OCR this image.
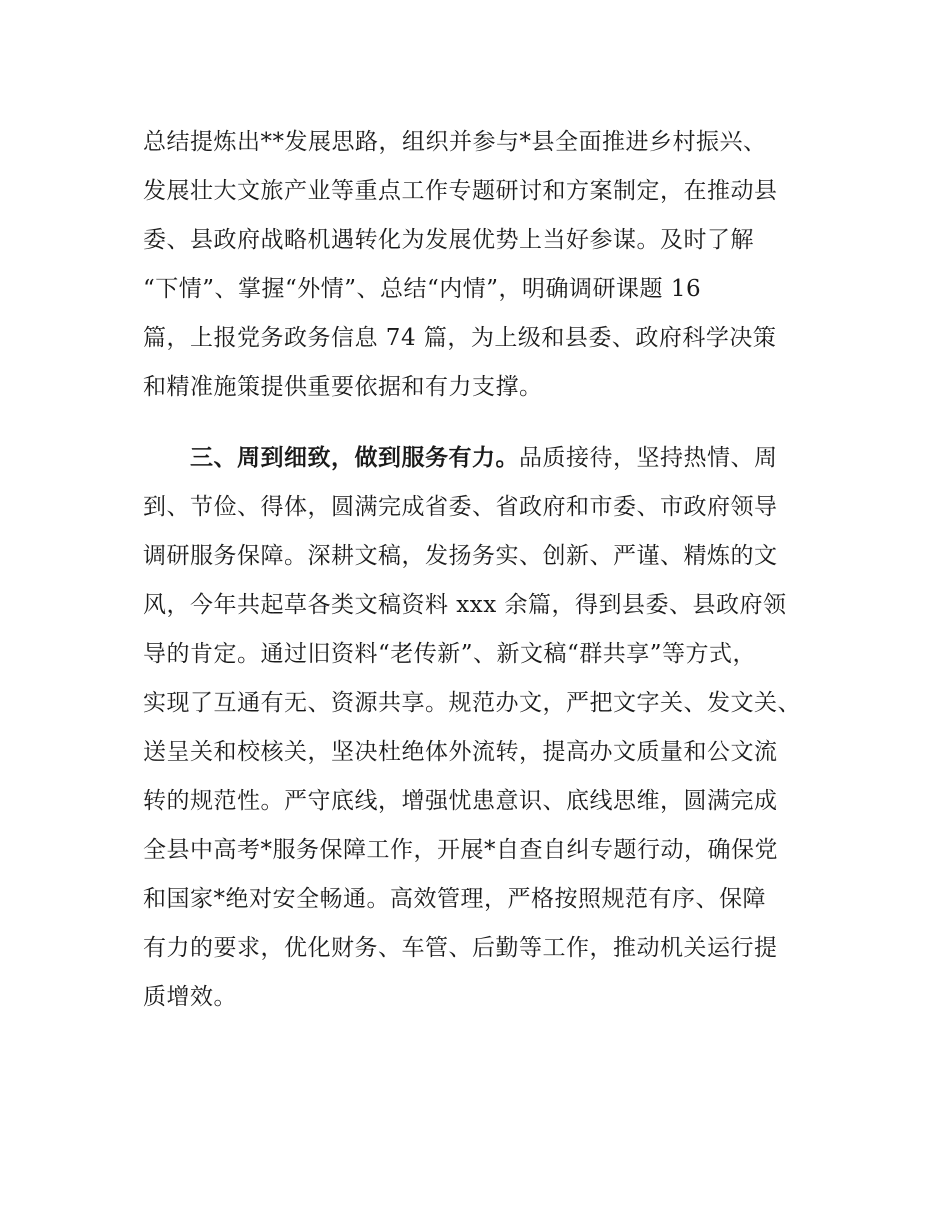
总结提炼出**发展思路，组织并参与*县全面推进乡村振兴、
发展壮大文旅产业等重点工作专题研讨和方案制定，在推动县
委、县政府战略机遇转化为发展优势上当好参谋。及时了解
“下情”、掌握“外情”、总结“内情”，明确调研课题 16
篇，上报党务政务信息 74 篇，为上级和县委、政府科学决策
和精准施策提供重要依据和有力支撑。
三、周到细致，做到服务有力。品质接待，坚持热情、周
到、节俭、得体，圆满完成省委、省政府和市委、市政府领导
调研服务保障。深耕文稿，发扬务实、创新、严谨、精炼的文
风，今年共起草各类文稿资料 xxx 余篇，得到县委、县政府领
导的肯定。通过旧资料“老传新”、新文稿“群共享”等方式，
实现了互通有无、资源共享。规范办文，严把文字关、发文关、
送呈关和校核关，坚决杜绝体外流转，提高办文质量和公文流
转的规范性。严守底线，增强忧患意识、底线思维，圆满完成
全县中高考*服务保障工作，开展*自查自纠专题行动，确保党
和国家*绝对安全畅通。高效管理，严格按照规范有序、保障
有力的要求，优化财务、车管、后勤等工作，推动机关运行提
质增效。
